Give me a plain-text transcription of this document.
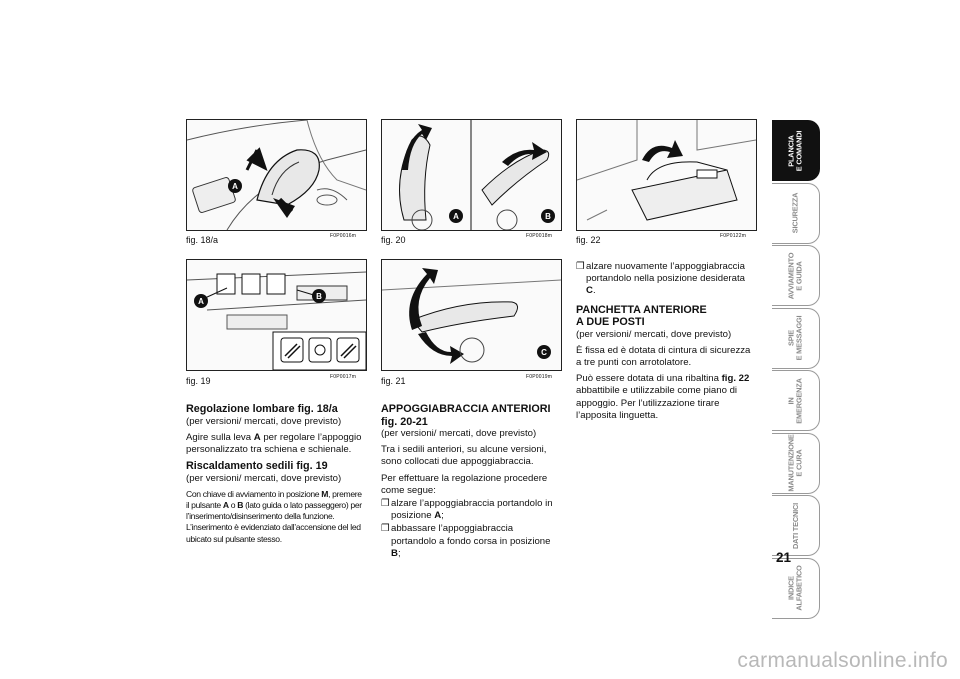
A
fig. 18/a	F0P0016m
A
B
fig. 19	F0P0017m
A	B
fig. 20	F0P0018m
C
fig. 21	F0P0019m
fig. 22	F0P0122m
Regolazione lombare fig. 18/a
(per versioni/ mercati, dove previsto)

Agire sulla leva A per regolare l’appoggio personalizzato tra schiena e schienale.

Riscaldamento sedili fig. 19
(per versioni/ mercati, dove previsto)

Con chiave di avviamento in posizione M, premere il pulsante A o B (lato guida o lato passeggero) per l’inserimento/disinserimento della funzione. L’inserimento è evidenziato dall’accensione del led ubicato sul pulsante stesso.

APPOGGIABRACCIA ANTERIORI
fig. 20-21
(per versioni/ mercati, dove previsto)

Tra i sedili anteriori, su alcune versioni, sono collocati due appoggiabraccia.

Per effettuare la regolazione procedere come segue:

❒ alzare l’appoggiabraccia portandolo in posizione A;
❒ abbassare l’appoggiabraccia portandolo a fondo corsa in posizione B;
❒ alzare nuovamente l’appoggiabraccia portandolo nella posizione desiderata C.
PANCHETTA ANTERIORE
A DUE POSTI
(per versioni/ mercati, dove previsto)

È fissa ed è dotata di cintura di sicurezza a tre punti con arrotolatore.

Può essere dotata di una ribaltina fig. 22 abbattibile e utilizzabile come piano di appoggio. Per l’utilizzazione tirare l’apposita linguetta.

PLANCIA
E COMANDI
SICUREZZA
AVVIAMENTO
E GUIDA
SPIE
E MESSAGGI
IN
EMERGENZA
MANUTENZIONE
E CURA
DATI TECNICI
INDICE
ALFABETICO
21
carmanualsonline.info
